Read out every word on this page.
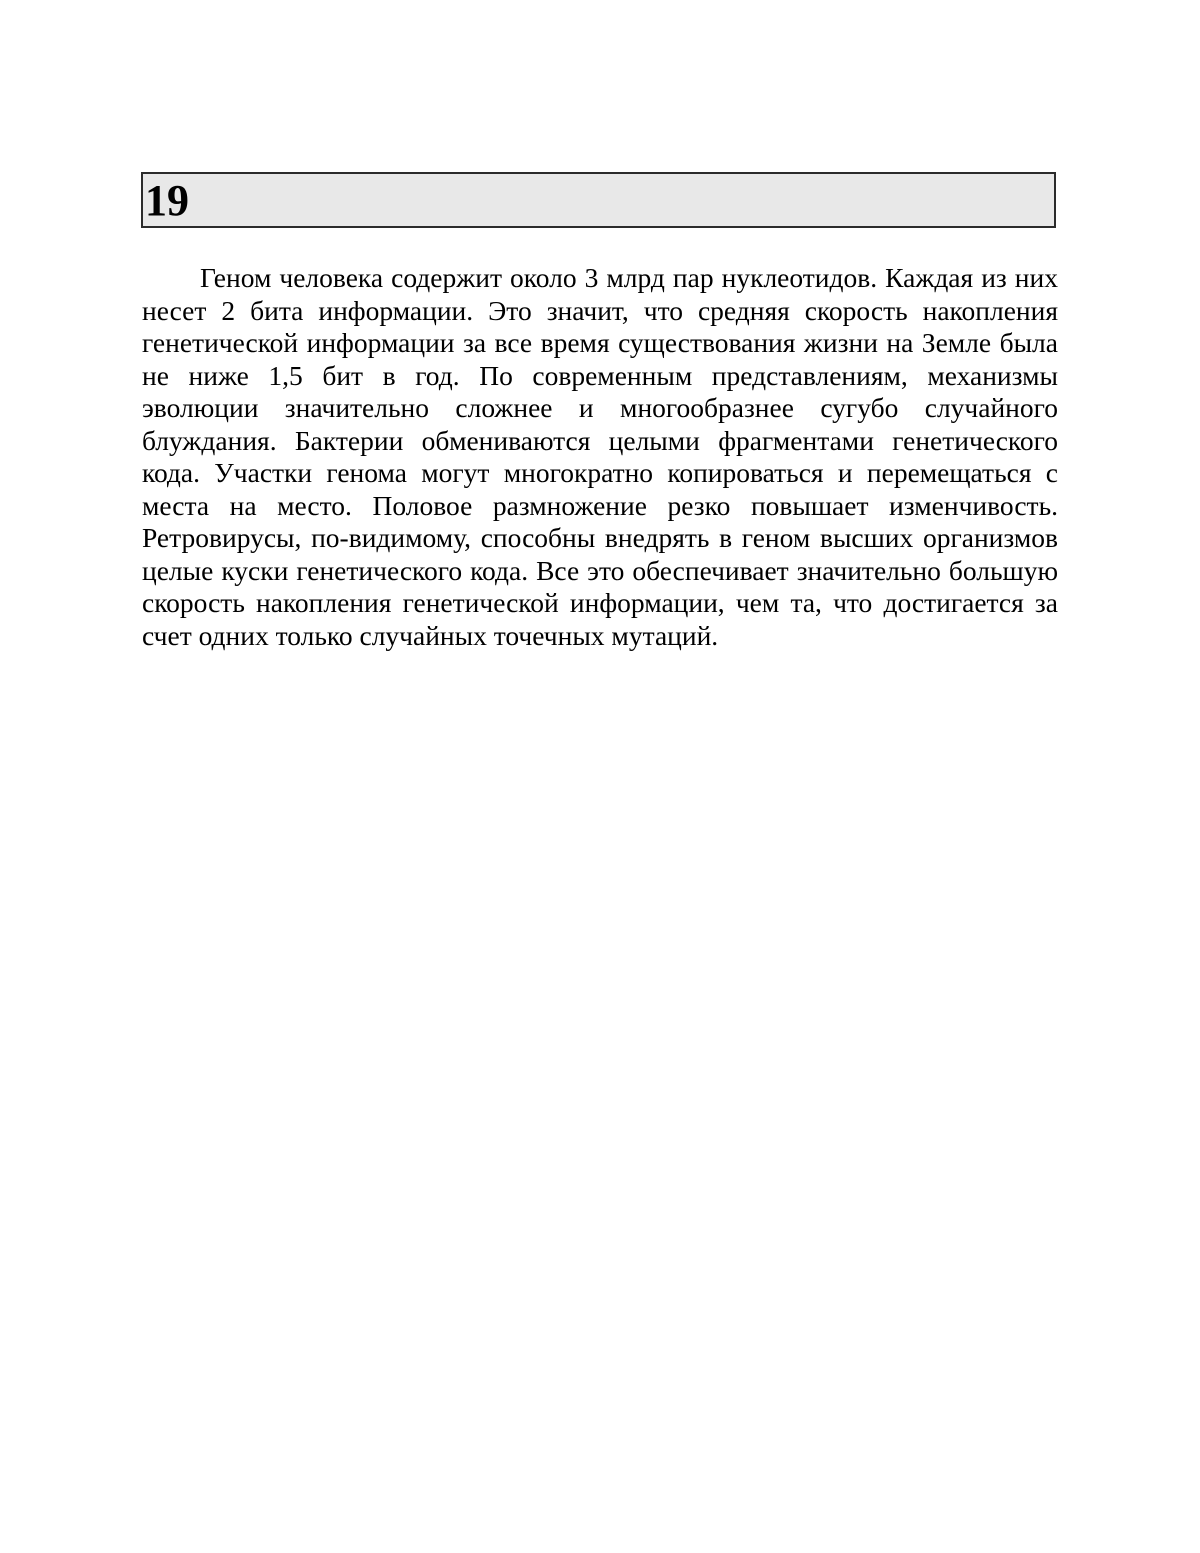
19

Геном человека содержит около 3 млрд пар нуклеотидов. Каждая из них несет 2 бита информации. Это значит, что средняя скорость накопления генетической информации за все время существования жизни на Земле была не ниже 1,5 бит в год. По современным представлениям, механизмы эволюции значительно сложнее и многообразнее сугубо случайного блуждания. Бактерии обмениваются целыми фрагментами генетического кода. Участки генома могут многократно копироваться и перемещаться с места на место. Половое размножение резко повышает изменчивость. Ретровирусы, по-видимому, способны внедрять в геном высших организмов целые куски генетического кода. Все это обеспечивает значительно большую скорость накопления генетической информации, чем та, что достигается за счет одних только случайных точечных мутаций.
